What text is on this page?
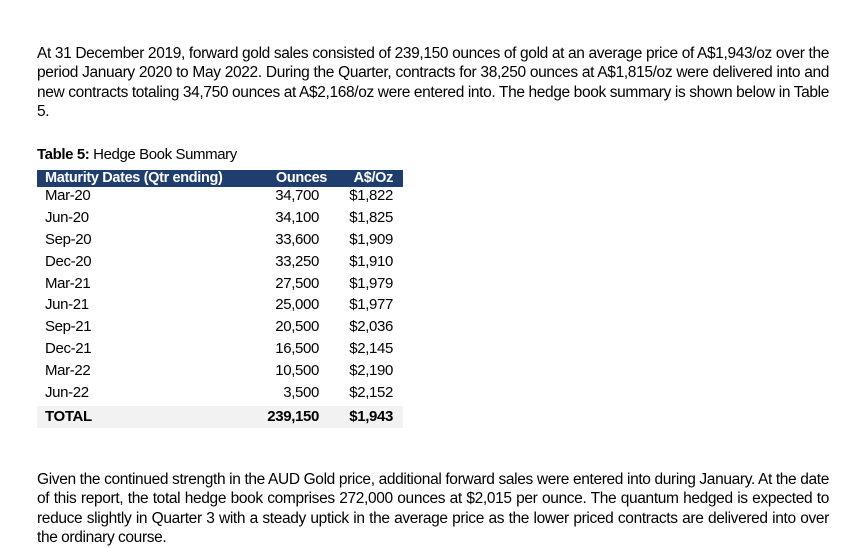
At 31 December 2019, forward gold sales consisted of 239,150 ounces of gold at an average price of A$1,943/oz over the period January 2020 to May 2022. During the Quarter, contracts for 38,250 ounces at A$1,815/oz were delivered into and new contracts totaling 34,750 ounces at A$2,168/oz were entered into. The hedge book summary is shown below in Table 5.

Table 5: Hedge Book Summary
Maturity Dates (Qtr ending)	Ounces A$/Oz
Mar-20	34,700 $1,822
Jun-20	34,100 $1,825
Sep-20	33,600 $1,909
Dec-20	33,250 $1,910
Mar-21	27,500 $1,979
Jun-21	25,000 $1,977
Sep-21	20,500 $2,036
Dec-21	16,500 $2,145
Mar-22	10,500 $2,190
Jun-22	3,500 $2,152
TOTAL	239,150 $1,943

Given the continued strength in the AUD Gold price, additional forward sales were entered into during January. At the date of this report, the total hedge book comprises 272,000 ounces at $2,015 per ounce. The quantum hedged is expected to reduce slightly in Quarter 3 with a steady uptick in the average price as the lower priced contracts are delivered into over the ordinary course.
